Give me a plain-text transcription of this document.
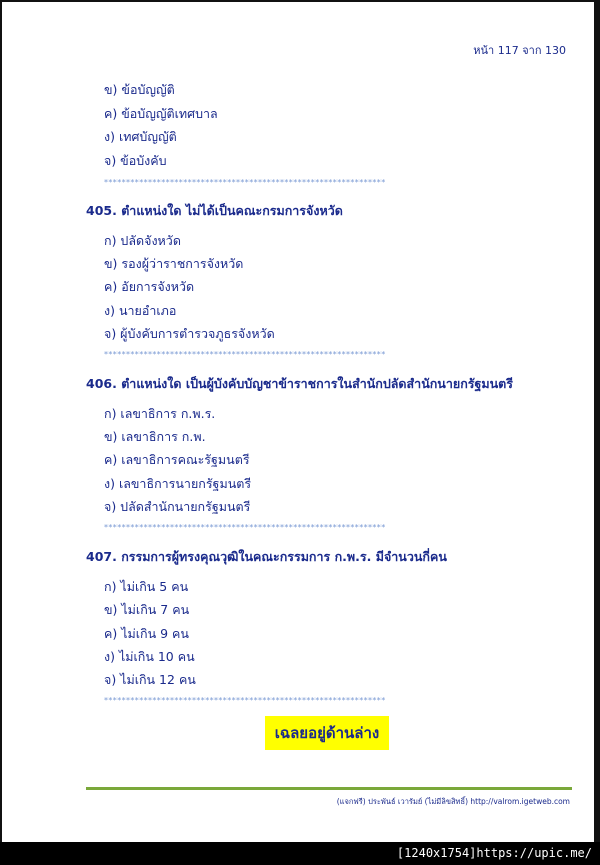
[1240x1754]https://upic.me/
หน้า 117 จาก 130
ข) ข้อบัญญัติ
ค) ข้อบัญญัติเทศบาล
ง) เทศบัญญัติ
จ) ข้อบังคับ
****************************************************************
405. ตำแหน่งใด ไม่ได้เป็นคณะกรมการจังหวัด
ก) ปลัดจังหวัด
ข) รองผู้ว่าราชการจังหวัด
ค) อัยการจังหวัด
ง) นายอำเภอ
จ) ผู้บังคับการตำรวจภูธรจังหวัด
****************************************************************
406. ตำแหน่งใด เป็นผู้บังคับบัญชาข้าราชการในสำนักปลัดสำนักนายกรัฐมนตรี
ก) เลขาธิการ ก.พ.ร.
ข) เลขาธิการ ก.พ.
ค) เลขาธิการคณะรัฐมนตรี
ง) เลขาธิการนายกรัฐมนตรี
จ) ปลัดสำนักนายกรัฐมนตรี
****************************************************************
407. กรรมการผู้ทรงคุณวุฒิในคณะกรรมการ ก.พ.ร. มีจำนวนกี่คน
ก) ไม่เกิน 5 คน
ข) ไม่เกิน 7 คน
ค) ไม่เกิน 9 คน
ง) ไม่เกิน 10 คน
จ) ไม่เกิน 12 คน
****************************************************************
เฉลยอยู่ด้านล่าง
(แจกฟรี) ประพันธ์ เวารัมย์ (ไม่มีลิขสิทธิ์) http://valrom.igetweb.com
